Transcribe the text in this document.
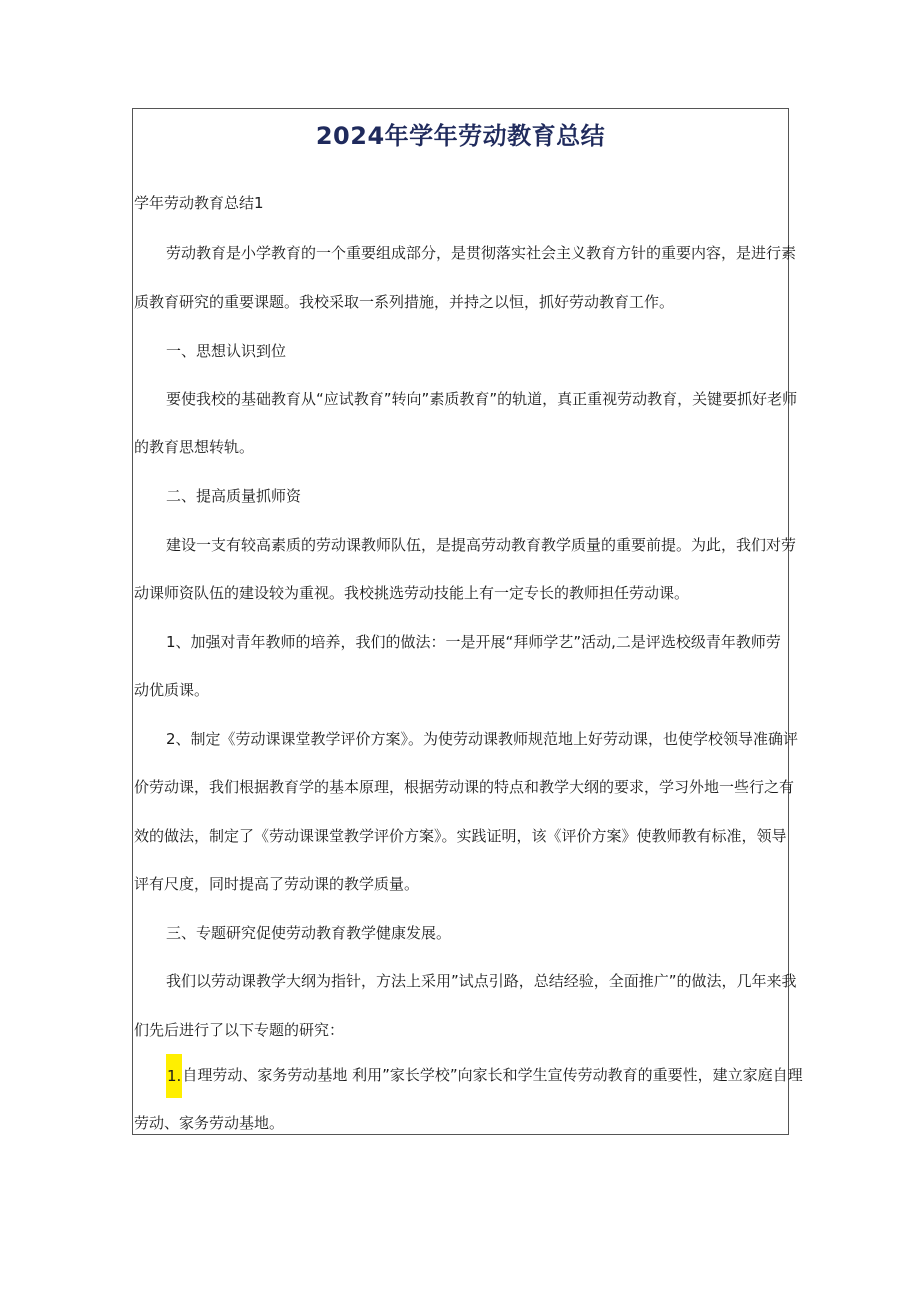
2024年学年劳动教育总结

学年劳动教育总结1

劳动教育是小学教育的一个重要组成部分，是贯彻落实社会主义教育方针的重要内容，是进行素

质教育研究的重要课题。我校采取一系列措施，并持之以恒，抓好劳动教育工作。

一、思想认识到位

要使我校的基础教育从“应试教育”转向”素质教育”的轨道，真正重视劳动教育，关键要抓好老师

的教育思想转轨。

二、提高质量抓师资

建设一支有较高素质的劳动课教师队伍，是提高劳动教育教学质量的重要前提。为此，我们对劳

动课师资队伍的建设较为重视。我校挑选劳动技能上有一定专长的教师担任劳动课。

1、加强对青年教师的培养，我们的做法：一是开展“拜师学艺”活动,二是评选校级青年教师劳

动优质课。

2、制定《劳动课课堂教学评价方案》。为使劳动课教师规范地上好劳动课，也使学校领导准确评

价劳动课，我们根据教育学的基本原理，根据劳动课的特点和教学大纲的要求，学习外地一些行之有

效的做法，制定了《劳动课课堂教学评价方案》。实践证明，该《评价方案》使教师教有标准，领导

评有尺度，同时提高了劳动课的教学质量。

三、专题研究促使劳动教育教学健康发展。

我们以劳动课教学大纲为指针，方法上采用”试点引路，总结经验，全面推广”的做法，几年来我

们先后进行了以下专题的研究：

1.自理劳动、家务劳动基地 利用”家长学校”向家长和学生宣传劳动教育的重要性，建立家庭自理

劳动、家务劳动基地。
